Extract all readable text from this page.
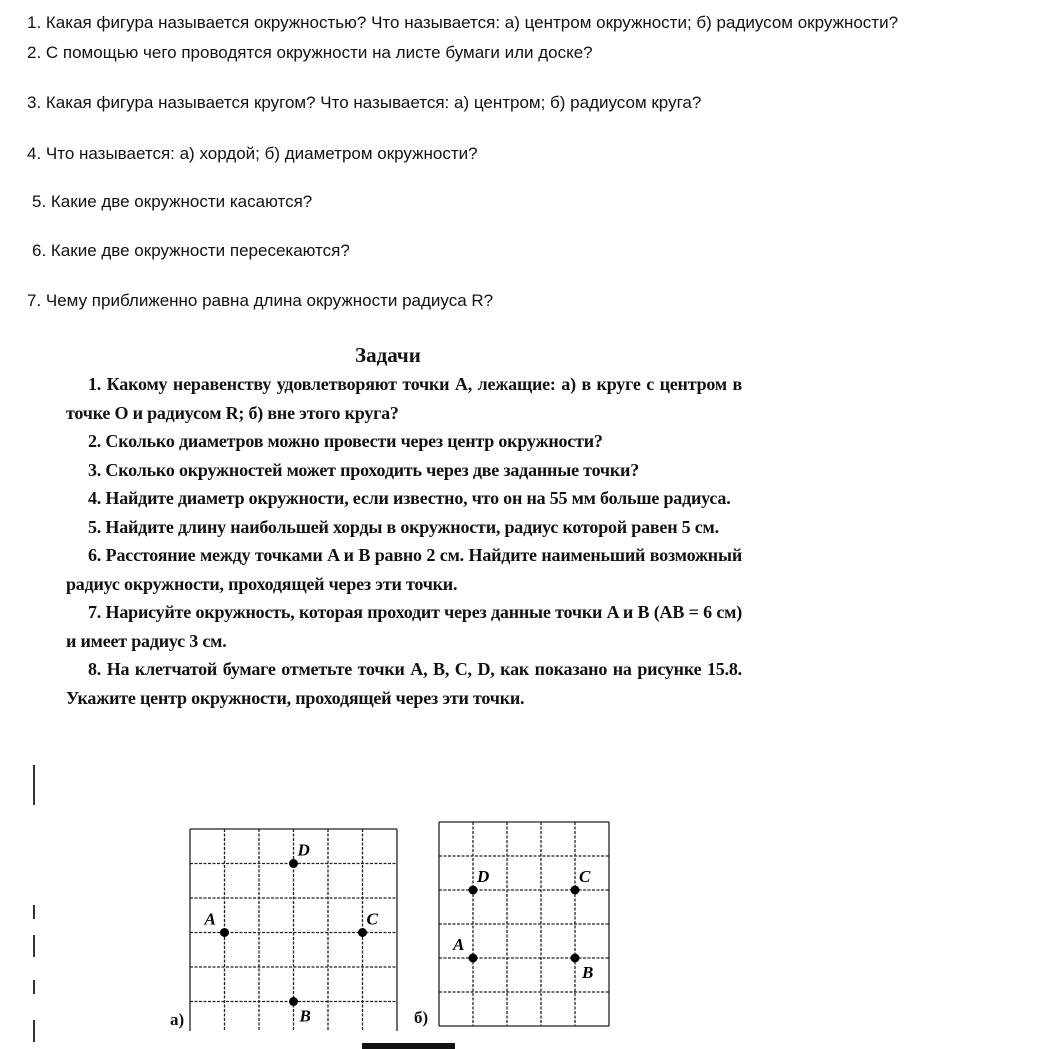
1. Какая фигура называется окружностью? Что называется: а) центром окружности; б) радиусом окружности?

2. С помощью чего проводятся окружности на листе бумаги или доске?

3. Какая фигура называется кругом? Что называется: а) центром; б) радиусом круга?

4. Что называется: а) хордой; б) диаметром окружности?

5. Какие две окружности касаются?

6. Какие две окружности пересекаются?

7. Чему приближенно равна длина окружности радиуса R?

Задачи

1. Какому неравенству удовлетворяют точки A, лежащие: а) в круге с центром в точке O и радиусом R; б) вне этого круга?

2. Сколько диаметров можно провести через центр окружности?

3. Сколько окружностей может проходить через две заданные точки?

4. Найдите диаметр окружности, если известно, что он на 55 мм больше радиуса.

5. Найдите длину наибольшей хорды в окружности, радиус которой равен 5 см.

6. Расстояние между точками A и B равно 2 см. Найдите наименьший возможный радиус окружности, проходящей через эти точки.

7. Нарисуйте окружность, которая проходит через данные точки A и B (AB = 6 см) и имеет радиус 3 см.

8. На клетчатой бумаге отметьте точки A, B, C, D, как показано на рисунке 15.8. Укажите центр окружности, проходящей через эти точки.

а)
D
A	C
B	б)
D	C
A
B
